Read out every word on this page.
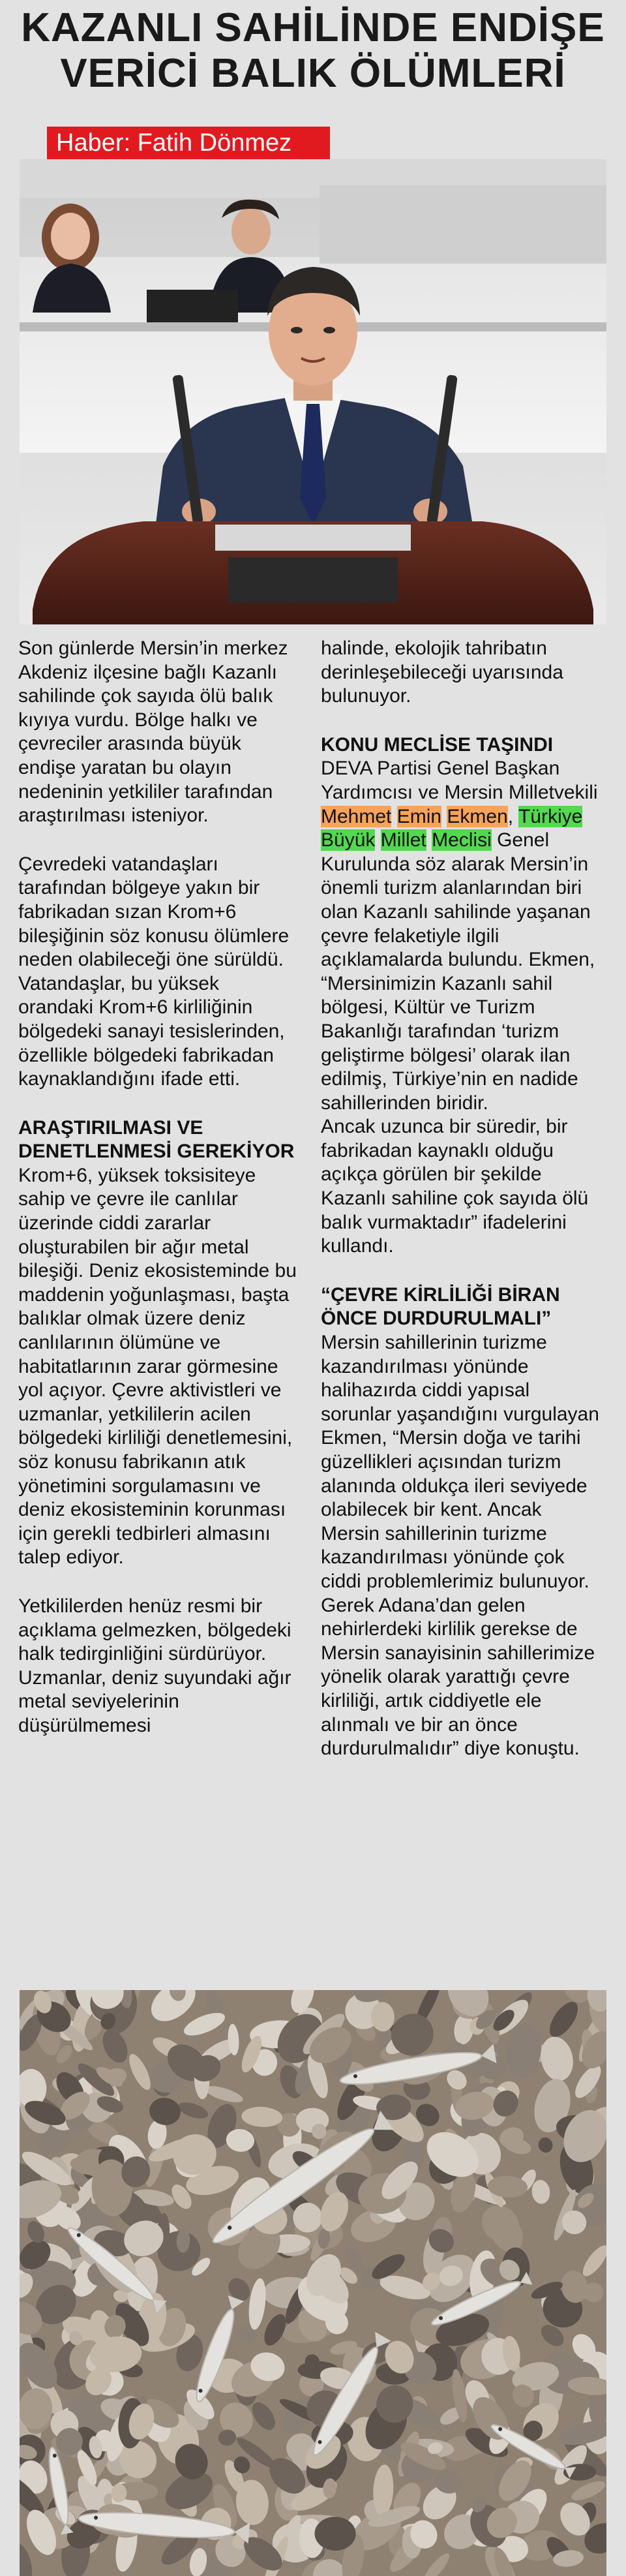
KAZANLI SAHİLİNDE ENDİŞE
VERİCİ BALIK ÖLÜMLERİ
Haber: Fatih Dönmez

Son günlerde Mersin’in merkez Akdeniz ilçesine bağlı Kazanlı sahilinde çok sayıda ölü balık kıyıya vurdu. Bölge halkı ve çevreciler arasında büyük endişe yaratan bu olayın nedeninin yetkililer tarafından araştırılması isteniyor.

Çevredeki vatandaşları tarafından bölgeye yakın bir fabrikadan sızan Krom+6 bileşiğinin söz konusu ölümlere neden olabileceği öne sürüldü. Vatandaşlar, bu yüksek orandaki Krom+6 kirliliğinin bölgedeki sanayi tesislerinden, özellikle bölgedeki fabrikadan kaynaklandığını ifade etti.

ARAŞTIRILMASI VE DENETLENMESİ GEREKİYOR

Krom+6, yüksek toksisiteye sahip ve çevre ile canlılar üzerinde ciddi zararlar oluşturabilen bir ağır metal bileşiği. Deniz ekosisteminde bu maddenin yoğunlaşması, başta balıklar olmak üzere deniz canlılarının ölümüne ve habitatlarının zarar görmesine yol açıyor. Çevre aktivistleri ve uzmanlar, yetkililerin acilen bölgedeki kirliliği denetlemesini, söz konusu fabrikanın atık yönetimini sorgulamasını ve deniz ekosisteminin korunması için gerekli tedbirleri almasını talep ediyor.

Yetkililerden henüz resmi bir açıklama gelmezken, bölgedeki halk tedirginliğini sürdürüyor. Uzmanlar, deniz suyundaki ağır metal seviyelerinin düşürülmemesi

halinde, ekolojik tahribatın derinleşebileceği uyarısında bulunuyor.

KONU MECLİSE TAŞINDI

DEVA Partisi Genel Başkan Yardımcısı ve Mersin Milletvekili Mehmet Emin Ekmen, Türkiye Büyük Millet Meclisi Genel Kurulunda söz alarak Mersin’in önemli turizm alanlarından biri olan Kazanlı sahilinde yaşanan çevre felaketiyle ilgili açıklamalarda bulundu. Ekmen, “Mersinimizin Kazanlı sahil bölgesi, Kültür ve Turizm Bakanlığı tarafından ‘turizm geliştirme bölgesi’ olarak ilan edilmiş, Türkiye’nin en nadide sahillerinden biridir.

Ancak uzunca bir süredir, bir fabrikadan kaynaklı olduğu açıkça görülen bir şekilde Kazanlı sahiline çok sayıda ölü balık vurmaktadır” ifadelerini kullandı.

“ÇEVRE KİRLİLİĞİ BİRAN ÖNCE DURDURULMALI”

Mersin sahillerinin turizme kazandırılması yönünde halihazırda ciddi yapısal sorunlar yaşandığını vurgulayan Ekmen, “Mersin doğa ve tarihi güzellikleri açısından turizm alanında oldukça ileri seviyede olabilecek bir kent. Ancak Mersin sahillerinin turizme kazandırılması yönünde çok ciddi problemlerimiz bulunuyor.

Gerek Adana’dan gelen nehirlerdeki kirlilik gerekse de Mersin sanayisinin sahillerimize yönelik olarak yarattığı çevre kirliliği, artık ciddiyetle ele alınmalı ve bir an önce durdurulmalıdır” diye konuştu.
